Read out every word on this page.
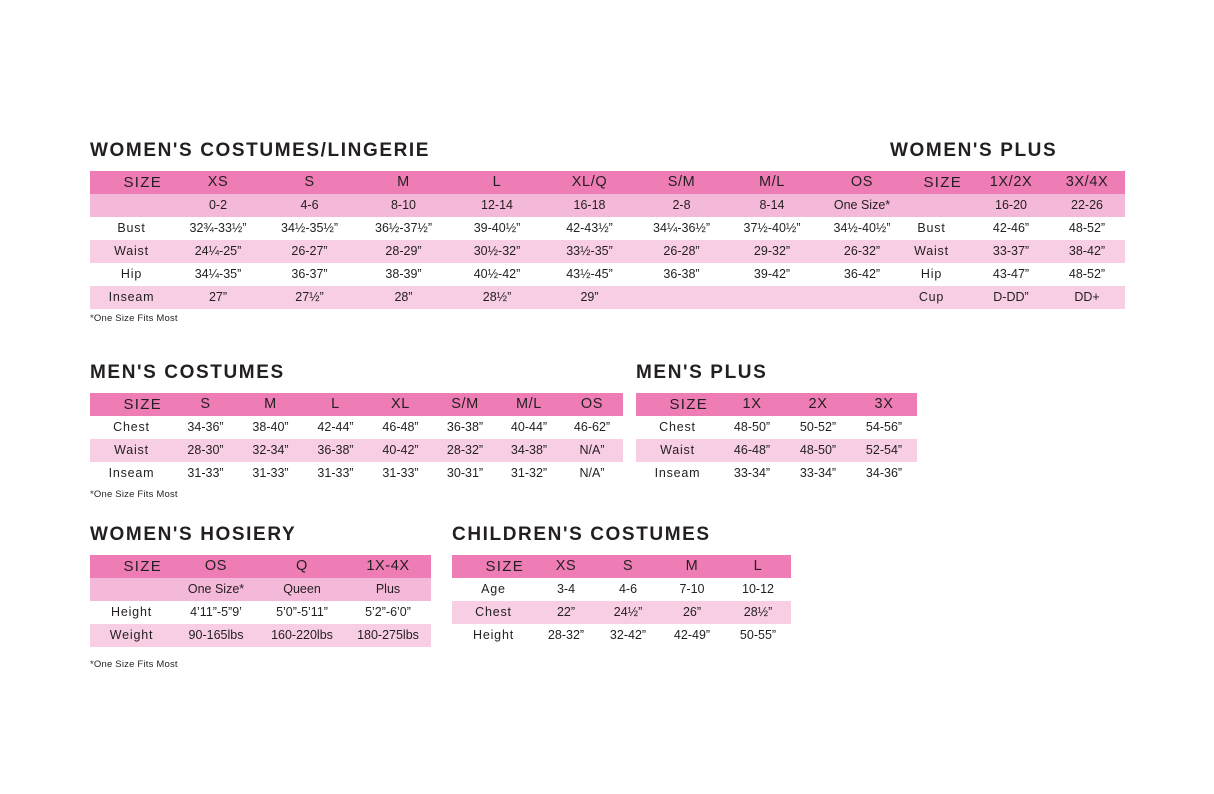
WOMEN'S COSTUMES/LINGERIE
SIZE	XS	S	M	L	XL/Q	S/M	M/L	OS
	0-2	4-6	8-10	12-14	16-18	2-8	8-14	One Size*
Bust	32¾-33½”	34½-35½”	36½-37½”	39-40½”	42-43½”	34¼-36½”	37½-40½”	34½-40½”
Waist	24¼-25”	26-27”	28-29”	30½-32”	33½-35”	26-28”	29-32”	26-32”
Hip	34¼-35”	36-37”	38-39”	40½-42”	43½-45”	36-38”	39-42”	36-42”
Inseam	27”	27½”	28”	28½”	29”			
*One Size Fits Most
WOMEN'S PLUS
SIZE	1X/2X	3X/4X
	16-20	22-26
Bust	42-46”	48-52”
Waist	33-37”	38-42”
Hip	43-47”	48-52”
Cup	D-DD”	DD+
MEN'S COSTUMES
SIZE	S	M	L	XL	S/M	M/L	OS
Chest	34-36”	38-40”	42-44”	46-48”	36-38”	40-44”	46-62”
Waist	28-30”	32-34”	36-38”	40-42”	28-32”	34-38”	N/A”
Inseam	31-33”	31-33”	31-33”	31-33”	30-31”	31-32”	N/A”
*One Size Fits Most
MEN'S PLUS
SIZE	1X	2X	3X
Chest	48-50”	50-52”	54-56”
Waist	46-48”	48-50”	52-54”
Inseam	33-34”	33-34”	34-36”
WOMEN'S HOSIERY
SIZE	OS	Q	1X-4X
	One Size*	Queen	Plus
Height	4’11”-5”9’	5’0”-5’11”	5’2”-6’0”
Weight	90-165lbs	160-220lbs	180-275lbs
*One Size Fits Most
CHILDREN'S COSTUMES
SIZE	XS	S	M	L
Age	3-4	4-6	7-10	10-12
Chest	22”	24½”	26”	28½”
Height	28-32”	32-42”	42-49”	50-55”
